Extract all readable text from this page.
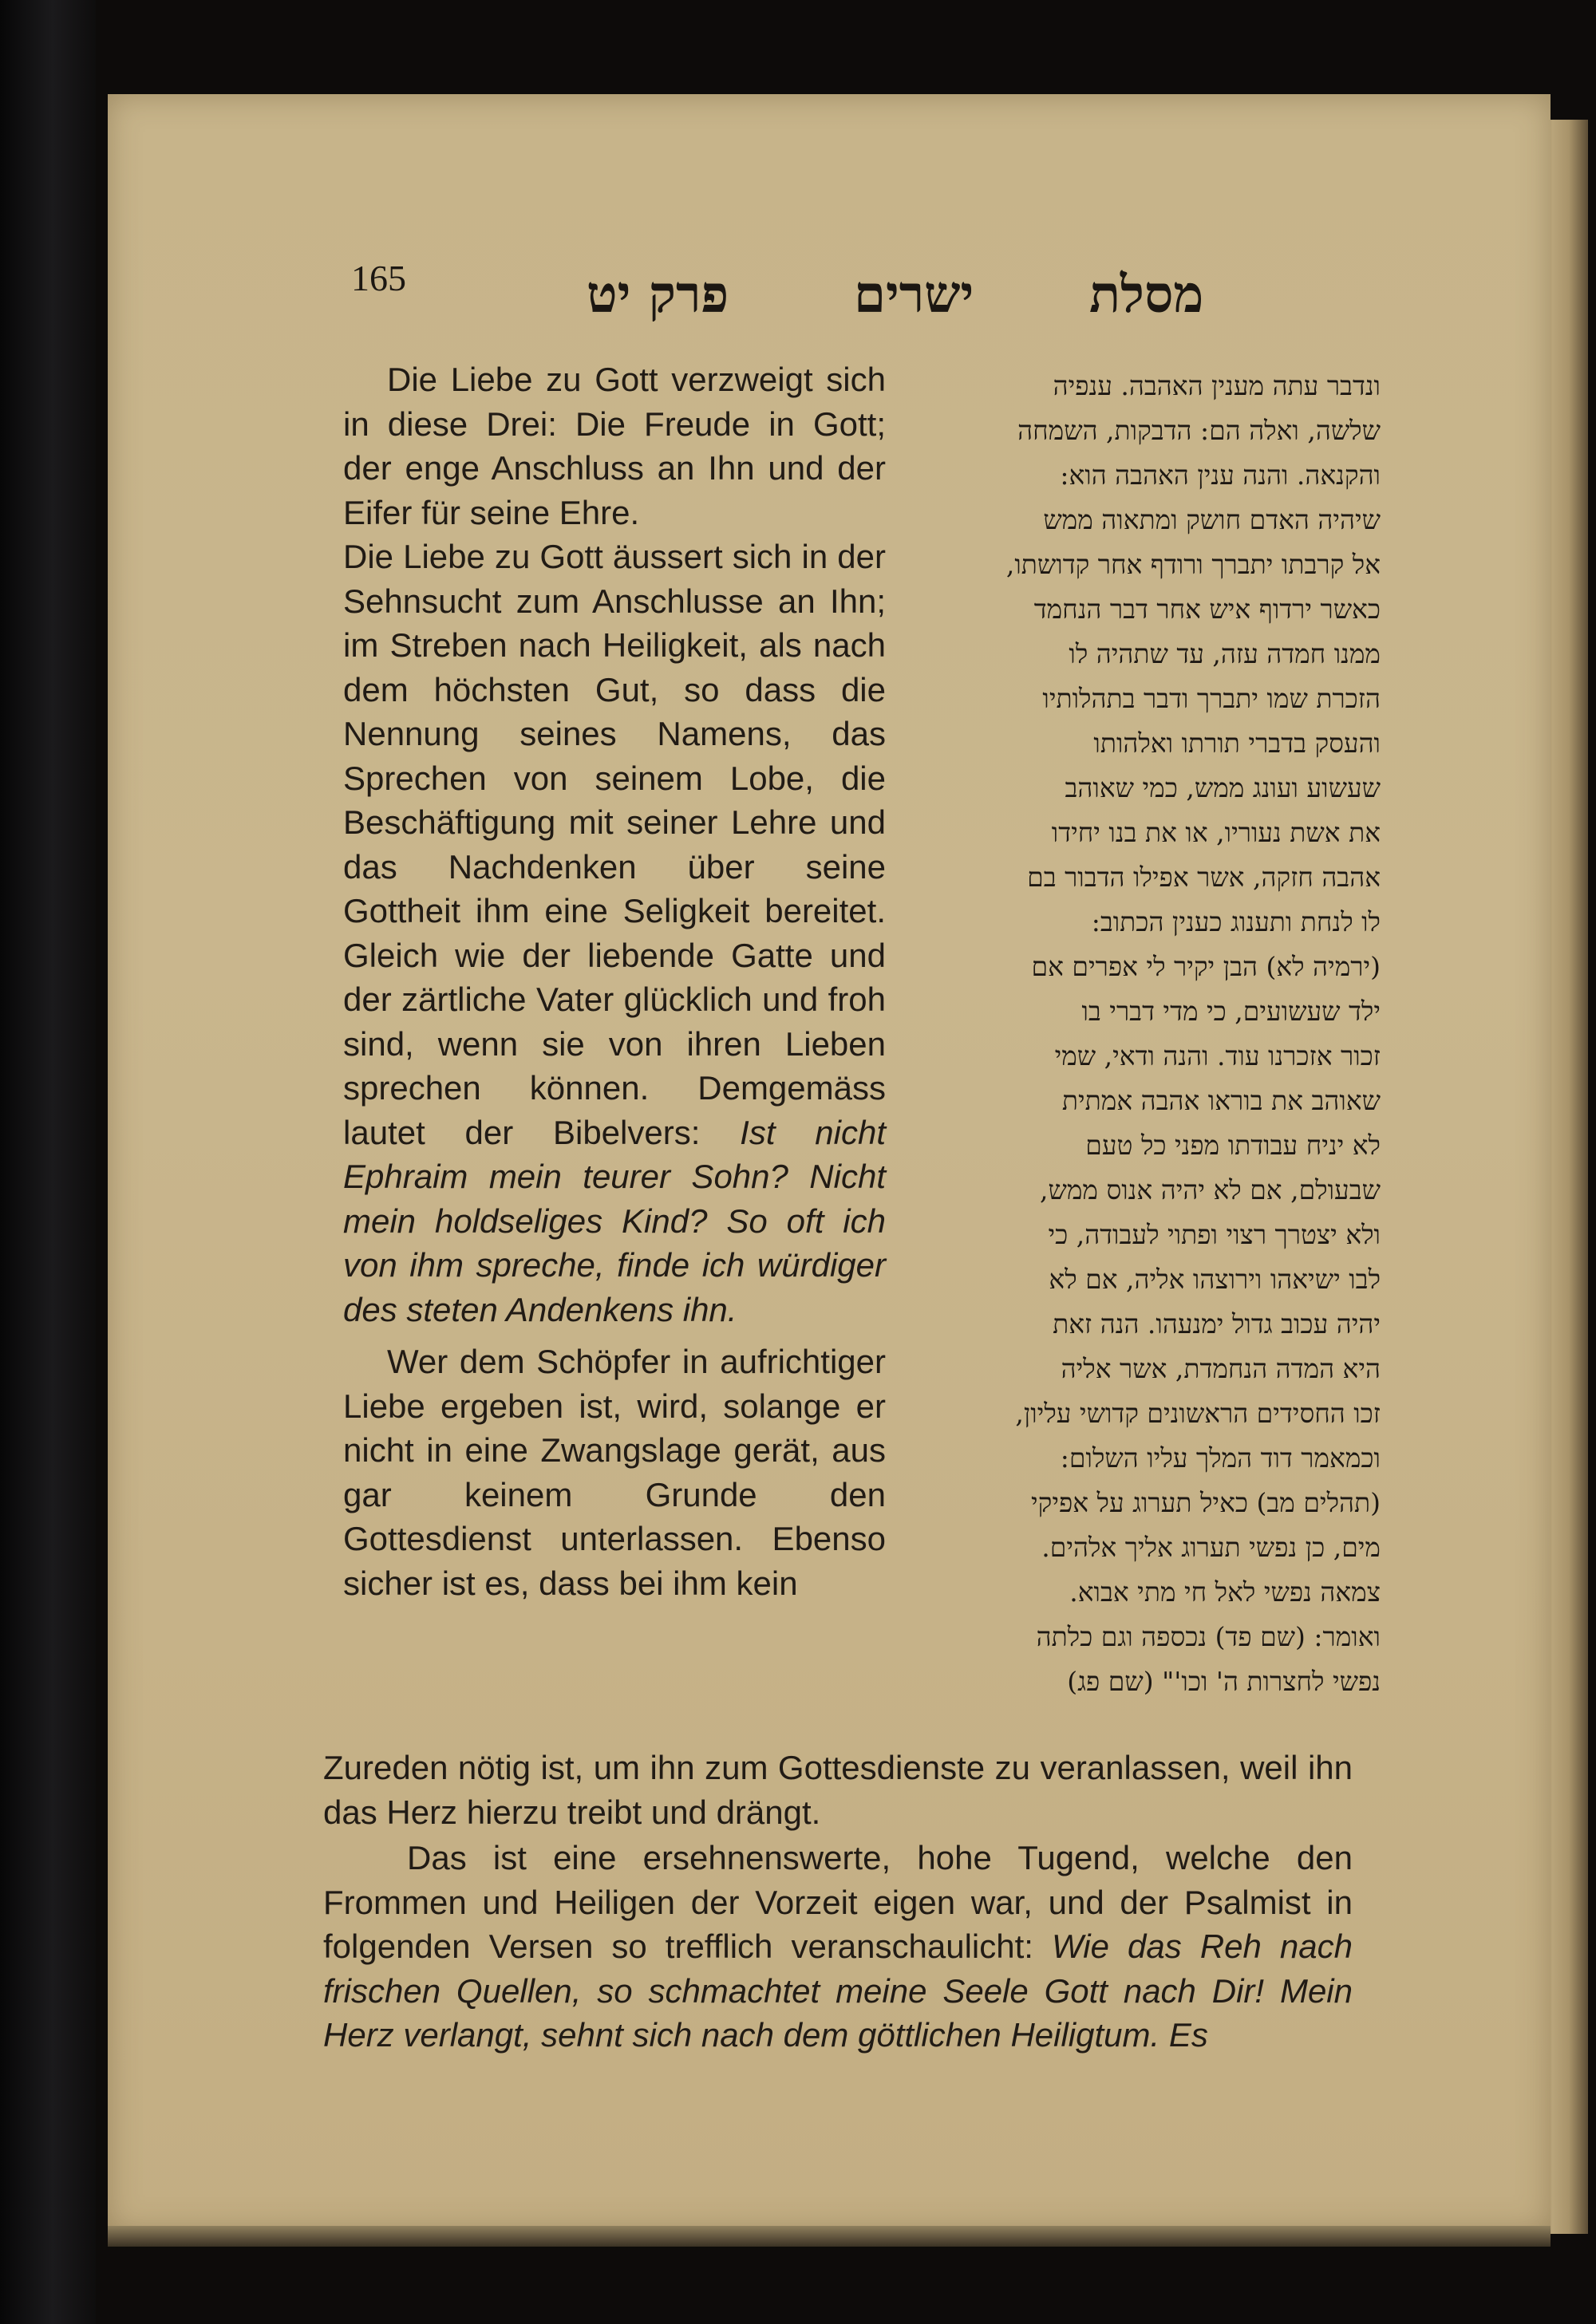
165	פרק יט ישרים מסלת

Die Liebe zu Gott verzweigt sich in diese Drei: Die Freude in Gott; der enge Anschluss an Ihn und der Eifer für seine Ehre.

Die Liebe zu Gott äussert sich in der Sehnsucht zum Anschlusse an Ihn; im Streben nach Heiligkeit, als nach dem höchsten Gut, so dass die Nennung seines Namens, das Sprechen von seinem Lobe, die Beschäftigung mit seiner Lehre und das Nachdenken über seine Gottheit ihm eine Seligkeit bereitet. Gleich wie der liebende Gatte und der zärtliche Vater glücklich und froh sind, wenn sie von ihren Lieben sprechen können. Demgemäss lautet der Bibelvers: Ist nicht Ephraim mein teurer Sohn? Nicht mein holdseliges Kind? So oft ich von ihm spreche, finde ich würdiger des steten Andenkens ihn.

Wer dem Schöpfer in aufrichtiger Liebe ergeben ist, wird, solange er nicht in eine Zwangslage gerät, aus gar keinem Grunde den Gottesdienst unterlassen. Ebenso sicher ist es, dass bei ihm kein

ונדבר עתה מענין האהבה. ענפיה
שלשה, ואלה הם: הדבקות, השמחה
והקנאה. והנה ענין האהבה הוא:
שיהיה האדם חושק ומתאוה ממש
אל קרבתו יתברך ורודף אחר קדושתו,
כאשר ירדוף איש אחר דבר הנחמד
ממנו חמדה עזה, עד שתהיה לו
הזכרת שמו יתברך ודבר בתהלותיו
והעסק בדברי תורתו ואלהותו
שעשוע ועונג ממש, כמי שאוהב
את אשת נעוריו, או את בנו יחידו
אהבה חזקה, אשר אפילו הדבור בם
לו לנחת ותענוג כענין הכתוב:
(ירמיה לא) הבן יקיר לי אפרים אם
ילד שעשועים, כי מדי דברי בו
זכור אזכרנו עוד. והנה ודאי, שמי
שאוהב את בוראו אהבה אמתית
לא יניח עבודתו מפני כל טעם
שבעולם, אם לא יהיה אנוס ממש,
ולא יצטרך רצוי ופתוי לעבודה, כי
לבו ישיאהו וירוצהו אליה, אם לא
יהיה עכוב גדול ימנעהו. הנה זאת
היא המדה הנחמדת, אשר אליה
זכו החסידים הראשונים קדושי עליון,
וכמאמר דוד המלך עליו השלום:
(תהלים מב) כאיל תערוג על אפיקי
מים, כן נפשי תערוג אליך אלהים.
צמאה נפשי לאל חי מתי אבוא.
ואומר: (שם פד) נכספה וגם כלתה
נפשי לחצרות ה' וכו'" (שם פג)

Zureden nötig ist, um ihn zum Gottesdienste zu veranlassen, weil ihn das Herz hierzu treibt und drängt.

Das ist eine ersehnenswerte, hohe Tugend, welche den Frommen und Heiligen der Vorzeit eigen war, und der Psalmist in folgenden Versen so trefflich veranschaulicht: Wie das Reh nach frischen Quellen, so schmachtet meine Seele Gott nach Dir! Mein Herz verlangt, sehnt sich nach dem göttlichen Heiligtum. Es
